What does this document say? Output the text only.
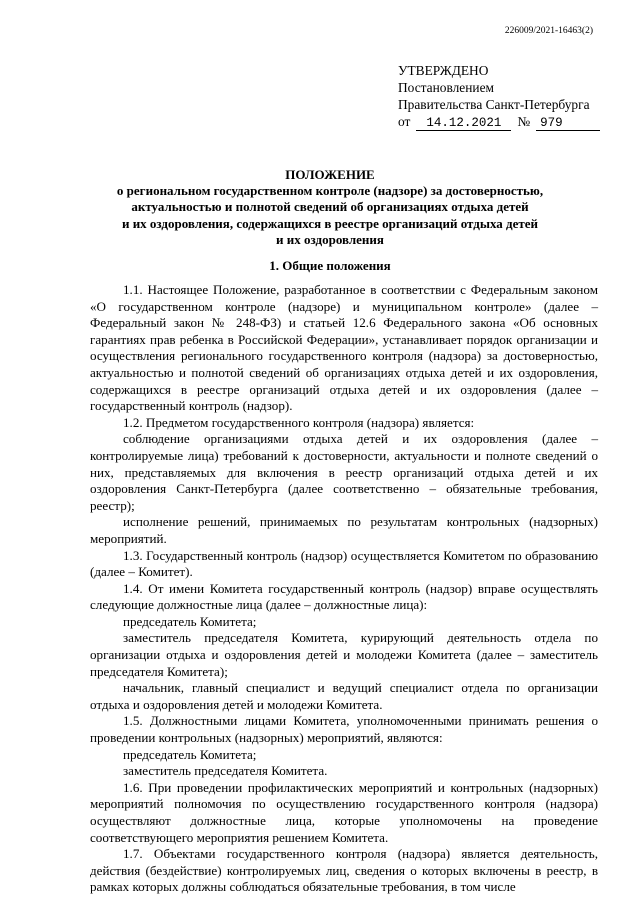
226009/2021-16463(2)
УТВЕРЖДЕНО
Постановлением
Правительства Санкт-Петербурга
от	14.12.2021	№ 979
ПОЛОЖЕНИЕ
о региональном государственном контроле (надзоре) за достоверностью,
актуальностью и полнотой сведений об организациях отдыха детей
и их оздоровления, содержащихся в реестре организаций отдыха детей
и их оздоровления
1. Общие положения

1.1. Настоящее Положение, разработанное в соответствии с Федеральным законом «О государственном контроле (надзоре) и муниципальном контроле» (далее – Федеральный закон № 248-ФЗ) и статьей 12.6 Федерального закона «Об основных гарантиях прав ребенка в Российской Федерации», устанавливает порядок организации и осуществления регионального государственного контроля (надзора) за достоверностью, актуальностью и полнотой сведений об организациях отдыха детей и их оздоровления, содержащихся в реестре организаций отдыха детей и их оздоровления (далее – государственный контроль (надзор).

1.2. Предметом государственного контроля (надзора) является:

соблюдение организациями отдыха детей и их оздоровления (далее – контролируемые лица) требований к достоверности, актуальности и полноте сведений о них, представляемых для включения в реестр организаций отдыха детей и их оздоровления Санкт-Петербурга (далее соответственно – обязательные требования, реестр);

исполнение решений, принимаемых по результатам контрольных (надзорных) мероприятий.

1.3. Государственный контроль (надзор) осуществляется Комитетом по образованию (далее – Комитет).

1.4. От имени Комитета государственный контроль (надзор) вправе осуществлять следующие должностные лица (далее – должностные лица):

председатель Комитета;

заместитель председателя Комитета, курирующий деятельность отдела по организации отдыха и оздоровления детей и молодежи Комитета (далее – заместитель председателя Комитета);

начальник, главный специалист и ведущий специалист отдела по организации отдыха и оздоровления детей и молодежи Комитета.

1.5. Должностными лицами Комитета, уполномоченными принимать решения о проведении контрольных (надзорных) мероприятий, являются:

председатель Комитета;

заместитель председателя Комитета.

1.6. При проведении профилактических мероприятий и контрольных (надзорных) мероприятий полномочия по осуществлению государственного контроля (надзора) осуществляют должностные лица, которые уполномочены на проведение соответствующего мероприятия решением Комитета.

1.7. Объектами государственного контроля (надзора) является деятельность, действия (бездействие) контролируемых лиц, сведения о которых включены в реестр, в рамках которых должны соблюдаться обязательные требования, в том числе
